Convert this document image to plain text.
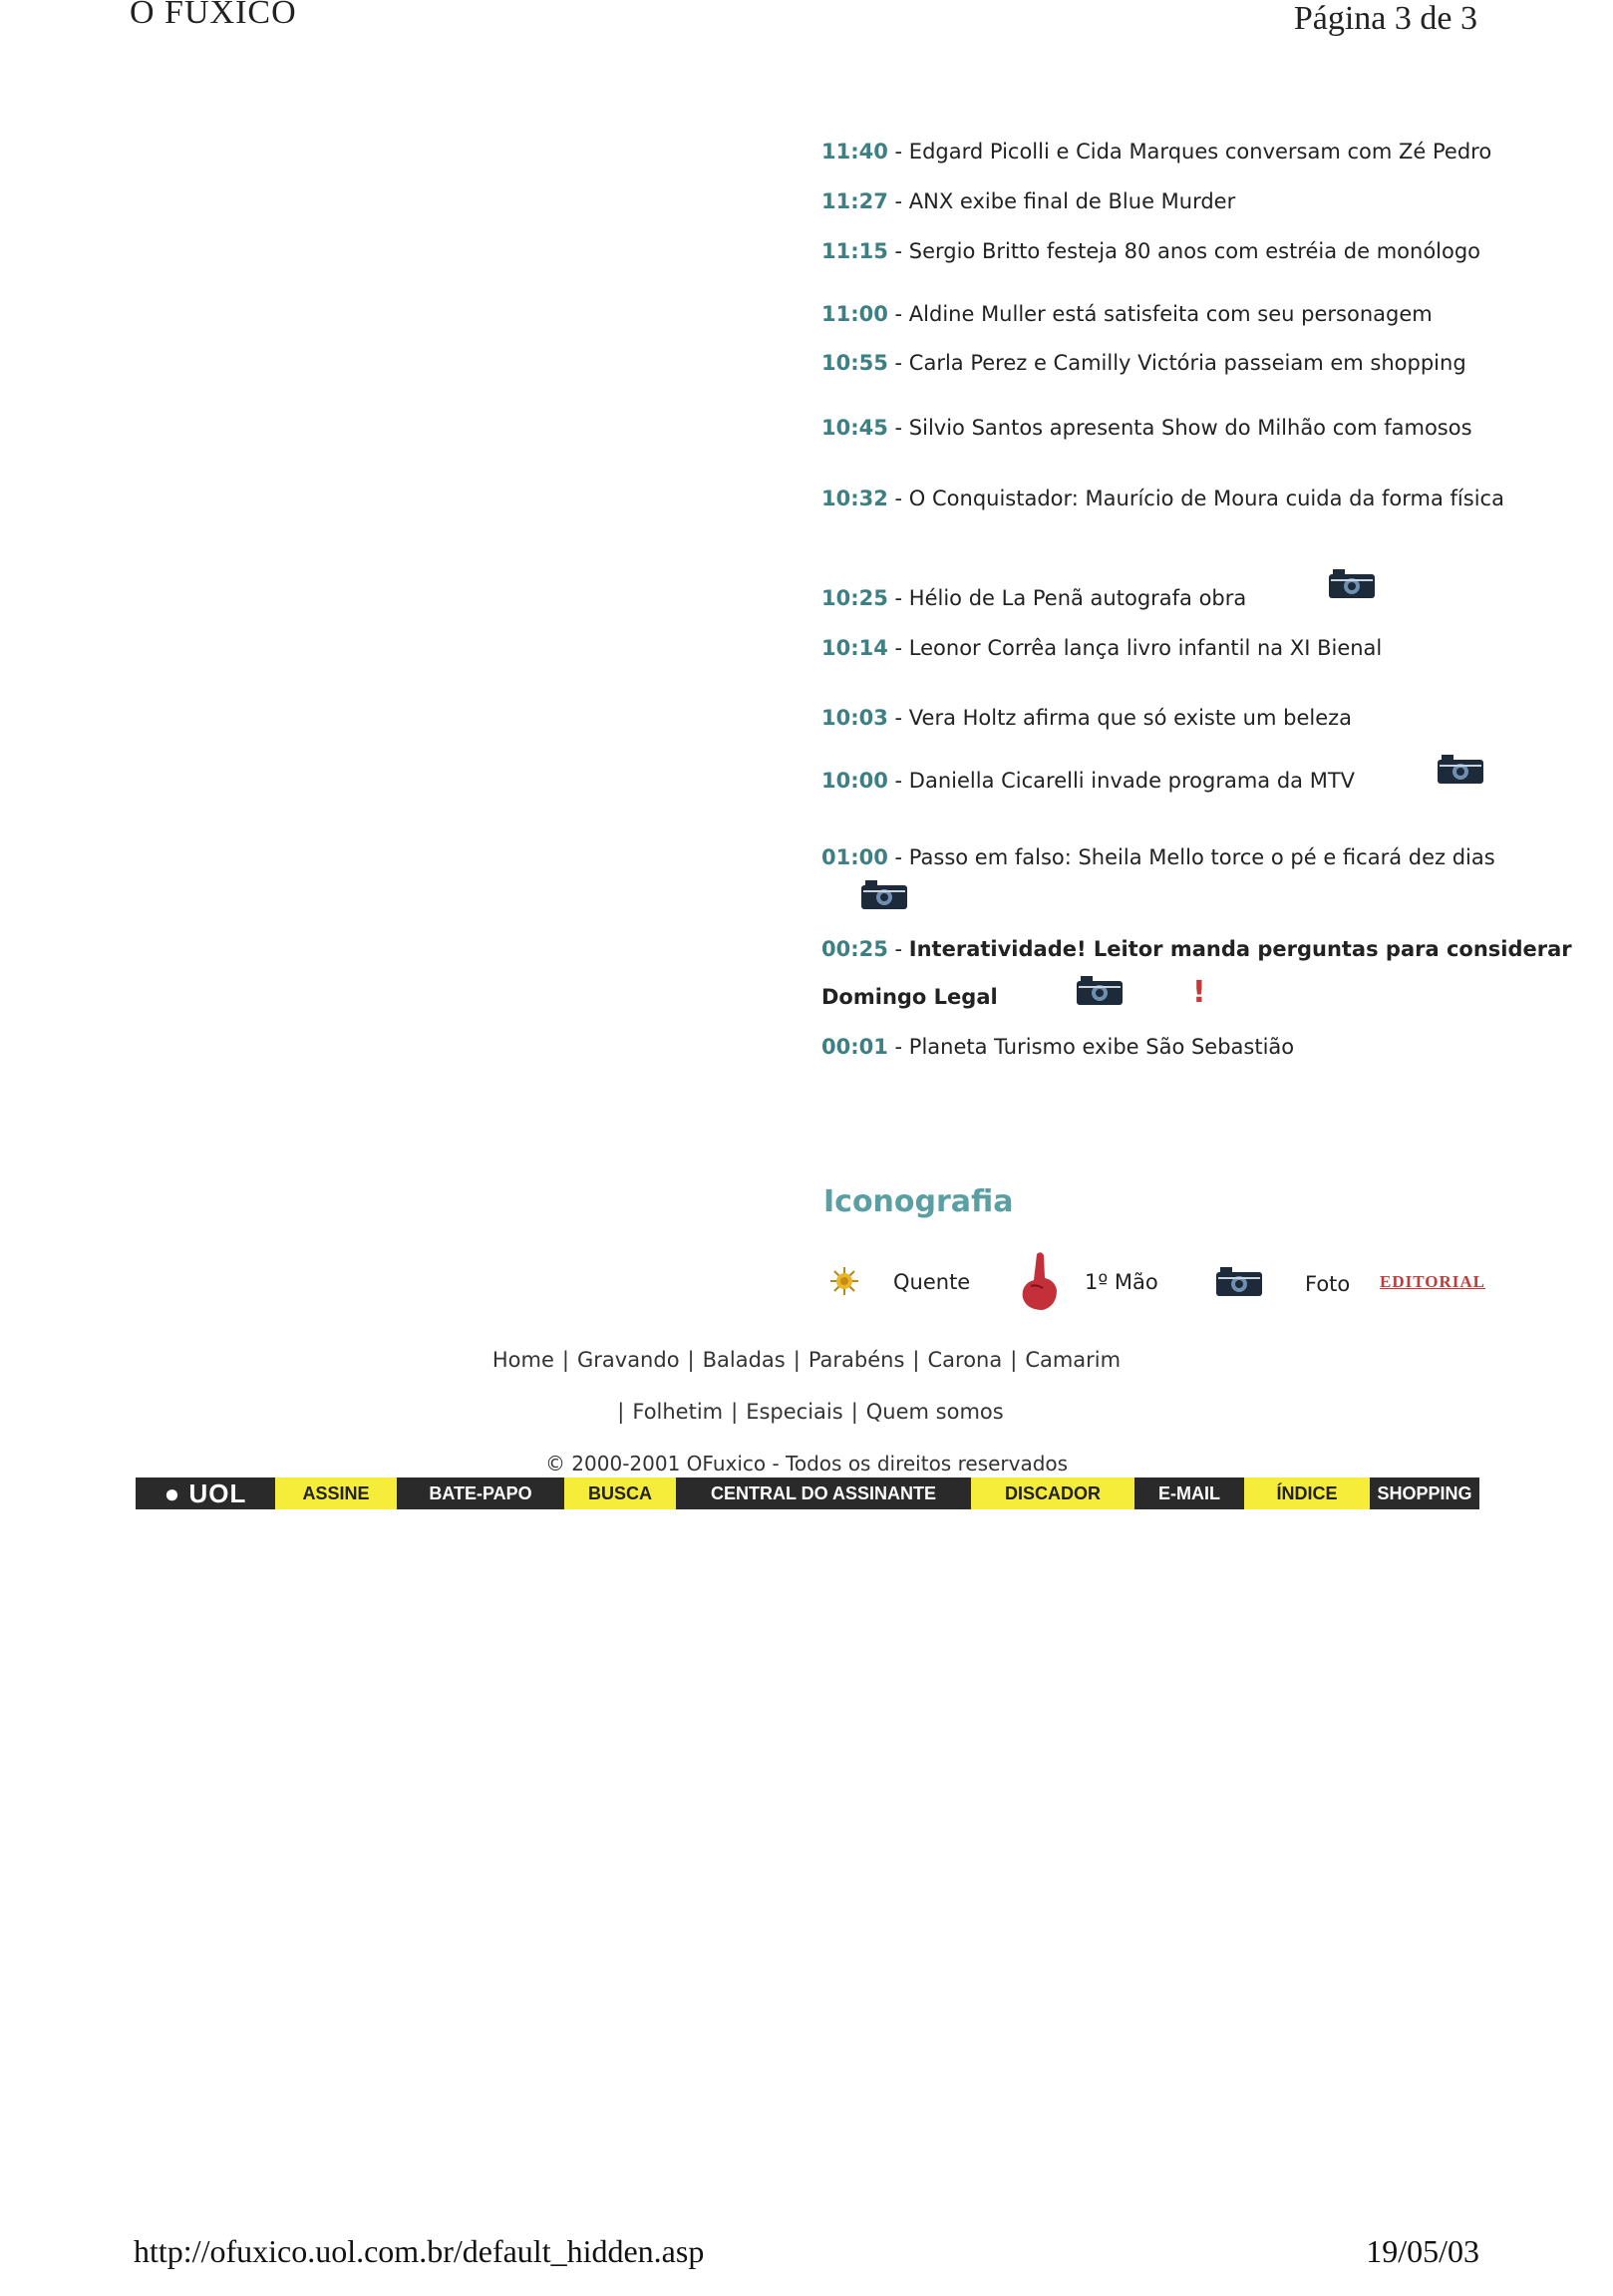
O FUXICO	Página 3 de 3
11:40 - Edgard Picolli e Cida Marques conversam com Zé Pedro
11:27 - ANX exibe final de Blue Murder
11:15 - Sergio Britto festeja 80 anos com estréia de monólogo
11:00 - Aldine Muller está satisfeita com seu personagem
10:55 - Carla Perez e Camilly Victória passeiam em shopping
10:45 - Silvio Santos apresenta Show do Milhão com famosos
10:32 - O Conquistador: Maurício de Moura cuida da forma física
10:25 - Hélio de La Penã autografa obra
10:14 - Leonor Corrêa lança livro infantil na XI Bienal
10:03 - Vera Holtz afirma que só existe um beleza
10:00 - Daniella Cicarelli invade programa da MTV
01:00 - Passo em falso: Sheila Mello torce o pé e ficará dez dias
00:25 - Interatividade! Leitor manda perguntas para considerar
Domingo Legal
00:01 - Planeta Turismo exibe São Sebastião
!
Iconografia
Quente	1º Mão	Foto EDITORIAL
Home | Gravando | Baladas | Parabéns | Carona | Camarim
| Folhetim | Especiais | Quem somos
© 2000-2001 OFuxico - Todos os direitos reservados
● UOL	ASSINE	BATE-PAPO	BUSCA	CENTRAL DO ASSINANTE	DISCADOR	E-MAIL	ÍNDICE SHOPPING
http://ofuxico.uol.com.br/default_hidden.asp	19/05/03
